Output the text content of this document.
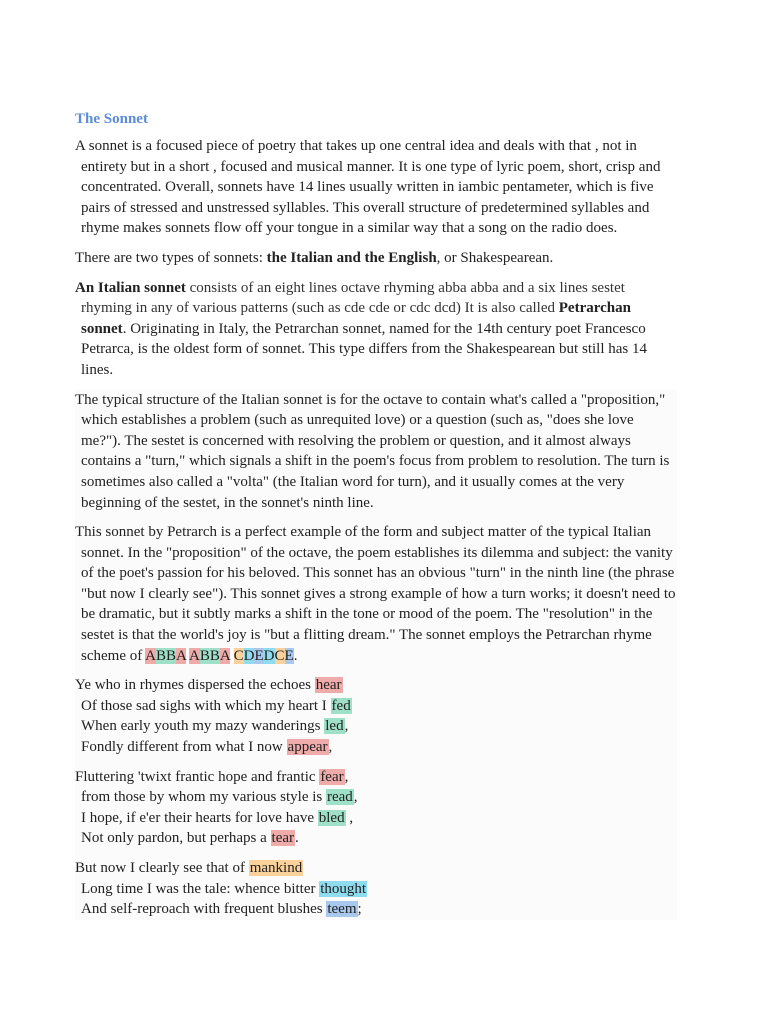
The Sonnet

A sonnet is a focused piece of poetry that takes up one central idea and deals with that , not in entirety but in a short , focused and musical manner. It is one type of lyric poem, short, crisp and concentrated. Overall, sonnets have 14 lines usually written in iambic pentameter, which is five pairs of stressed and unstressed syllables. This overall structure of predetermined syllables and rhyme makes sonnets flow off your tongue in a similar way that a song on the radio does.

There are two types of sonnets: the Italian and the English, or Shakespearean.

An Italian sonnet consists of an eight lines octave rhyming abba abba and a six lines sestet rhyming in any of various patterns (such as cde cde or cdc dcd) It is also called Petrarchan sonnet. Originating in Italy, the Petrarchan sonnet, named for the 14th century poet Francesco Petrarca, is the oldest form of sonnet. This type differs from the Shakespearean but still has 14 lines.

The typical structure of the Italian sonnet is for the octave to contain what's called a "proposition," which establishes a problem (such as unrequited love) or a question (such as, "does she love me?"). The sestet is concerned with resolving the problem or question, and it almost always contains a "turn," which signals a shift in the poem's focus from problem to resolution. The turn is sometimes also called a "volta" (the Italian word for turn), and it usually comes at the very beginning of the sestet, in the sonnet's ninth line.

This sonnet by Petrarch is a perfect example of the form and subject matter of the typical Italian sonnet. In the "proposition" of the octave, the poem establishes its dilemma and subject: the vanity of the poet's passion for his beloved. This sonnet has an obvious "turn" in the ninth line (the phrase "but now I clearly see"). This sonnet gives a strong example of how a turn works; it doesn't need to be dramatic, but it subtly marks a shift in the tone or mood of the poem. The "resolution" in the sestet is that the world's joy is "but a flitting dream." The sonnet employs the Petrarchan rhyme scheme of ABBA ABBA CDEDCE.

Ye who in rhymes dispersed the echoes hear
Of those sad sighs with which my heart I fed
When early youth my mazy wanderings led,
Fondly different from what I now appear,
Fluttering 'twixt frantic hope and frantic fear,
from those by whom my various style is read,
I hope, if e'er their hearts for love have bled ,
Not only pardon, but perhaps a tear.
But now I clearly see that of mankind
Long time I was the tale: whence bitter thought
And self-reproach with frequent blushes teem;
